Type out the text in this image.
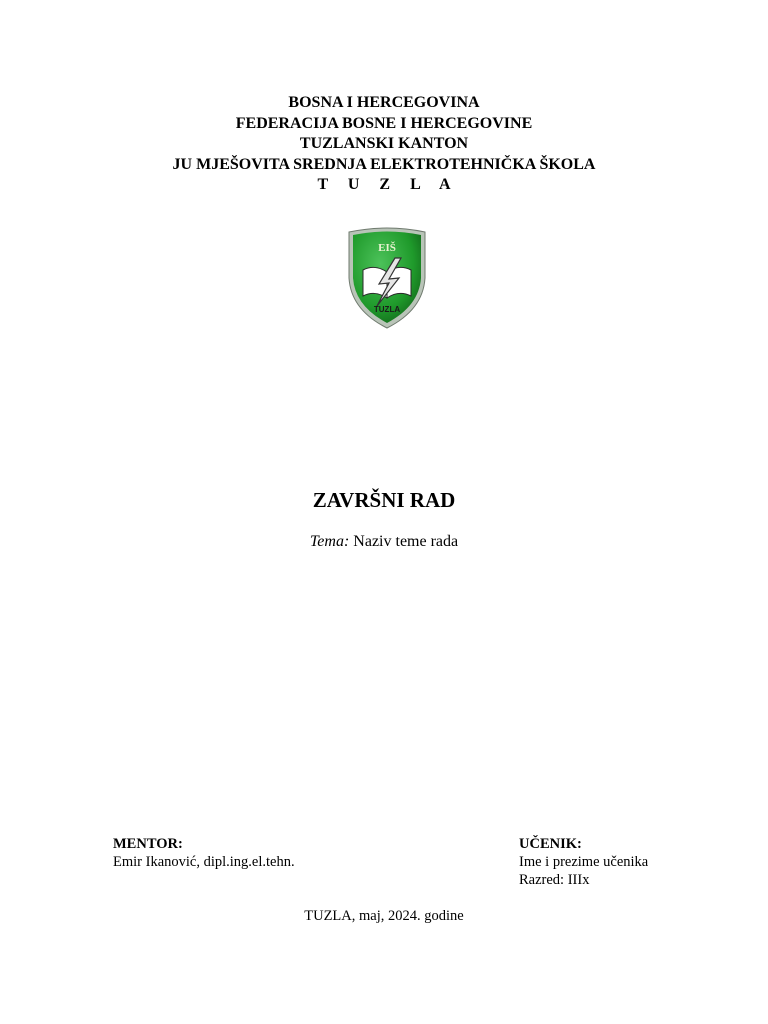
BOSNA I HERCEGOVINA
FEDERACIJA BOSNE I HERCEGOVINE
TUZLANSKI KANTON
JU MJEŠOVITA SREDNJA ELEKTROTEHNIČKA ŠKOLA
T U Z L A
EIŠ
TUZLA
ZAVRŠNI RAD
Tema: Naziv teme rada
MENTOR:
Emir Ikanović, dipl.ing.el.tehn.
UČENIK:
Ime i prezime učenika
Razred: IIIx
TUZLA, maj, 2024. godine
